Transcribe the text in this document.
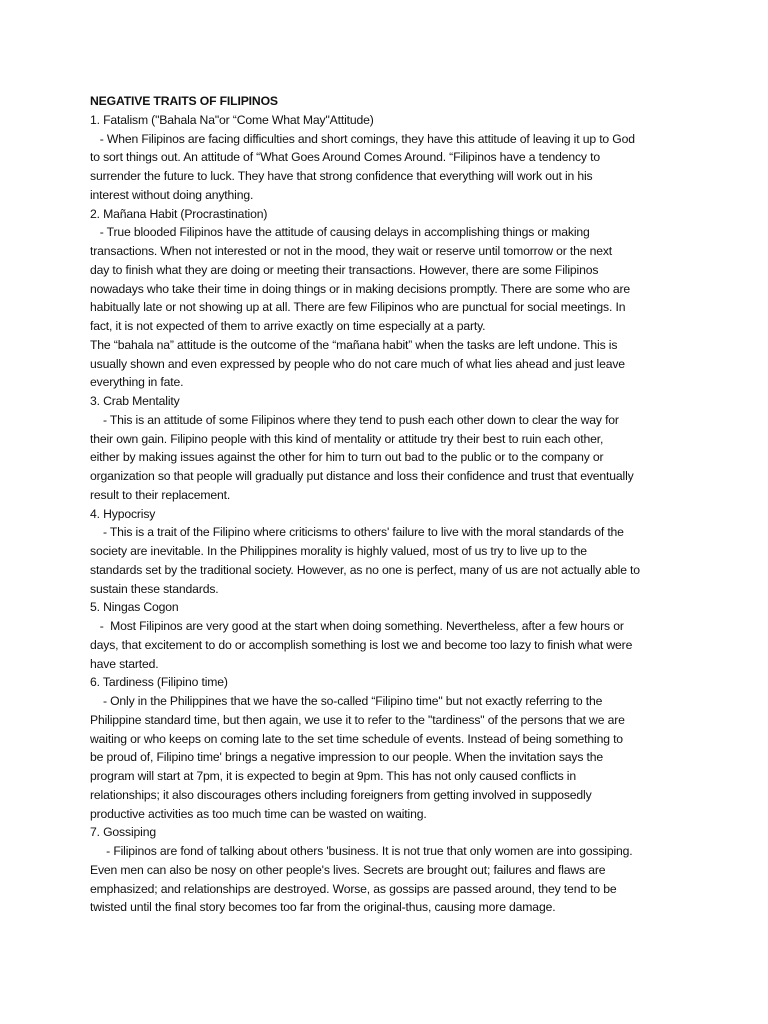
NEGATIVE TRAITS OF FILIPINOS
1. Fatalism ("Bahala Na"or “Come What May"Attitude)
- When Filipinos are facing difficulties and short comings, they have this attitude of leaving it up to God
to sort things out. An attitude of “What Goes Around Comes Around. “Filipinos have a tendency to
surrender the future to luck. They have that strong confidence that everything will work out in his
interest without doing anything.
2. Mañana Habit (Procrastination)
- True blooded Filipinos have the attitude of causing delays in accomplishing things or making
transactions. When not interested or not in the mood, they wait or reserve until tomorrow or the next
day to finish what they are doing or meeting their transactions. However, there are some Filipinos
nowadays who take their time in doing things or in making decisions promptly. There are some who are
habitually late or not showing up at all. There are few Filipinos who are punctual for social meetings. In
fact, it is not expected of them to arrive exactly on time especially at a party.
The “bahala na” attitude is the outcome of the “mañana habit” when the tasks are left undone. This is
usually shown and even expressed by people who do not care much of what lies ahead and just leave
everything in fate.
3. Crab Mentality
- This is an attitude of some Filipinos where they tend to push each other down to clear the way for
their own gain. Filipino people with this kind of mentality or attitude try their best to ruin each other,
either by making issues against the other for him to turn out bad to the public or to the company or
organization so that people will gradually put distance and loss their confidence and trust that eventually
result to their replacement.
4. Hypocrisy
- This is a trait of the Filipino where criticisms to others' failure to live with the moral standards of the
society are inevitable. In the Philippines morality is highly valued, most of us try to live up to the
standards set by the traditional society. However, as no one is perfect, many of us are not actually able to
sustain these standards.
5. Ningas Cogon
-  Most Filipinos are very good at the start when doing something. Nevertheless, after a few hours or
days, that excitement to do or accomplish something is lost we and become too lazy to finish what were
have started.
6. Tardiness (Filipino time)
- Only in the Philippines that we have the so-called “Filipino time" but not exactly referring to the
Philippine standard time, but then again, we use it to refer to the "tardiness" of the persons that we are
waiting or who keeps on coming late to the set time schedule of events. Instead of being something to
be proud of, Filipino time' brings a negative impression to our people. When the invitation says the
program will start at 7pm, it is expected to begin at 9pm. This has not only caused conflicts in
relationships; it also discourages others including foreigners from getting involved in supposedly
productive activities as too much time can be wasted on waiting.
7. Gossiping
- Filipinos are fond of talking about others 'business. It is not true that only women are into gossiping.
Even men can also be nosy on other people's lives. Secrets are brought out; failures and flaws are
emphasized; and relationships are destroyed. Worse, as gossips are passed around, they tend to be
twisted until the final story becomes too far from the original-thus, causing more damage.
